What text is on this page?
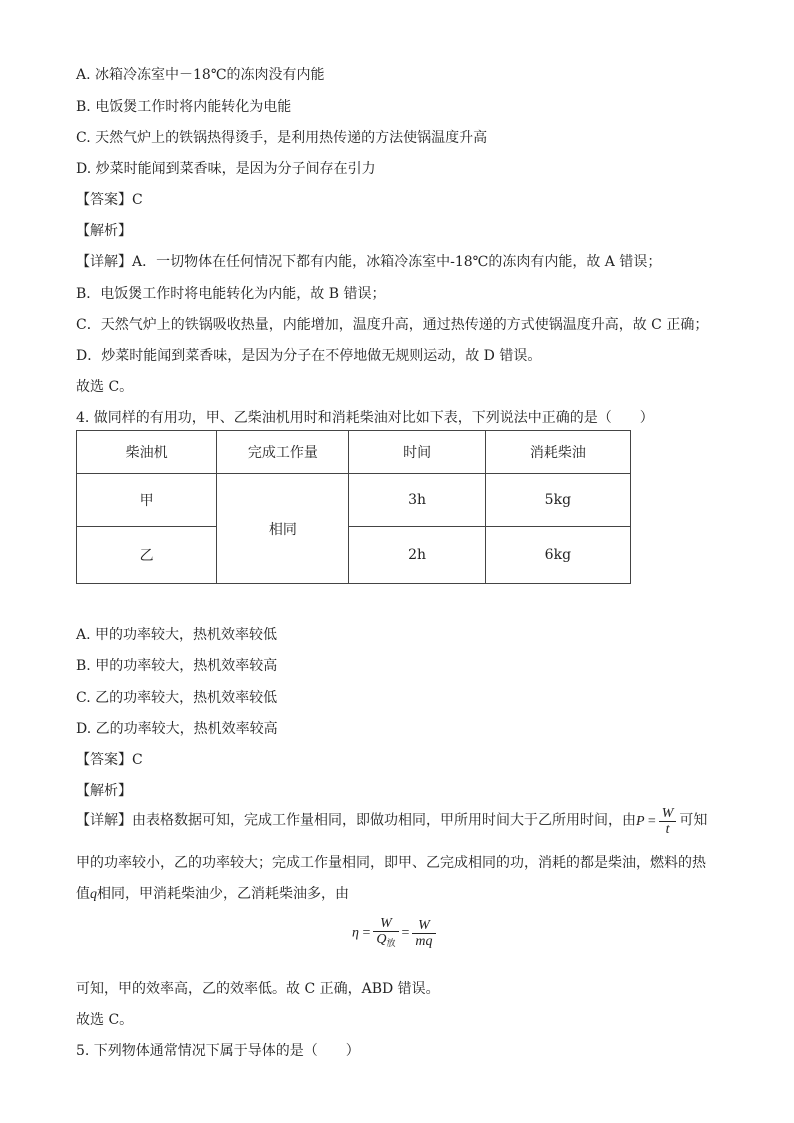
A. 冰箱冷冻室中－18℃的冻肉没有内能
B. 电饭煲工作时将内能转化为电能
C. 天然气炉上的铁锅热得烫手，是利用热传递的方法使锅温度升高
D. 炒菜时能闻到菜香味，是因为分子间存在引力
【答案】C
【解析】
【详解】A．一切物体在任何情况下都有内能，冰箱冷冻室中-18℃的冻肉有内能，故 A 错误；
B．电饭煲工作时将电能转化为内能，故 B 错误；
C．天然气炉上的铁锅吸收热量，内能增加，温度升高，通过热传递的方式使锅温度升高，故 C 正确；
D．炒菜时能闻到菜香味，是因为分子在不停地做无规则运动，故 D 错误。
故选 C。
4. 做同样的有用功，甲、乙柴油机用时和消耗柴油对比如下表，下列说法中正确的是（　　）
柴油机	完成工作量	时间	消耗柴油
甲	相同	3h	5kg
乙		2h	6kg
A. 甲的功率较大，热机效率较低
B. 甲的功率较大，热机效率较高
C. 乙的功率较大，热机效率较低
D. 乙的功率较大，热机效率较高
【答案】C
【解析】
【详解】由表格数据可知，完成工作量相同，即做功相同，甲所用时间大于乙所用时间，由$P = \frac{W}{t}$ 可知
甲的功率较小，乙的功率较大；完成工作量相同，即甲、乙完成相同的功，消耗的都是柴油，燃料的热
值q相同，甲消耗柴油少，乙消耗柴油多，由
$\eta = \frac{W}{Q_放} = \frac{W}{mq}$
可知，甲的效率高，乙的效率低。故 C 正确，ABD 错误。
故选 C。
5. 下列物体通常情况下属于导体的是（　　）
